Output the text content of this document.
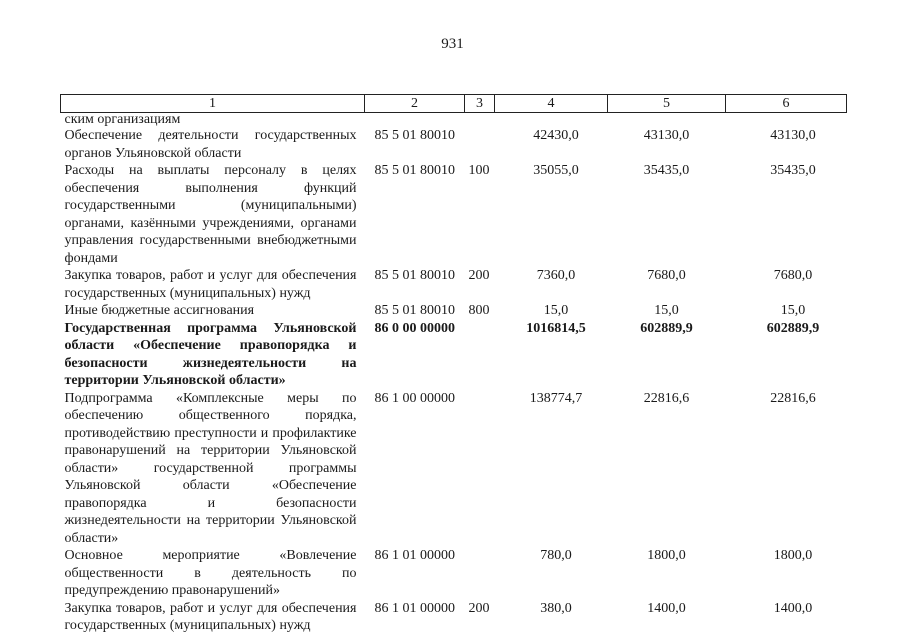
931
1	2	3	4	5	6
ским организациям					
Обеспечение деятельности государственных органов Ульяновской области	85 5 01 80010		42430,0	43130,0	43130,0
Расходы на выплаты персоналу в целях обеспечения выполнения функций государственными (муниципальными) органами, казёнными учреждениями, органами управления государственными внебюджетными фондами	85 5 01 80010	100	35055,0	35435,0	35435,0
Закупка товаров, работ и услуг для обеспечения государственных (муниципальных) нужд	85 5 01 80010	200	7360,0	7680,0	7680,0
Иные бюджетные ассигнования	85 5 01 80010	800	15,0	15,0	15,0
Государственная программа Ульяновской области «Обеспечение правопорядка и безопасности жизнедеятельности на территории Ульяновской области»	86 0 00 00000		1016814,5	602889,9	602889,9
Подпрограмма «Комплексные меры по обеспечению общественного порядка, противодействию преступности и профилактике правонарушений на территории Ульяновской области» государственной программы Ульяновской области «Обеспечение правопорядка и безопасности жизнедеятельности на территории Ульяновской области»	86 1 00 00000		138774,7	22816,6	22816,6
Основное мероприятие «Вовлечение общественности в деятельность по предупреждению правонарушений»	86 1 01 00000		780,0	1800,0	1800,0
Закупка товаров, работ и услуг для обеспечения государственных (муниципальных) нужд	86 1 01 00000	200	380,0	1400,0	1400,0
